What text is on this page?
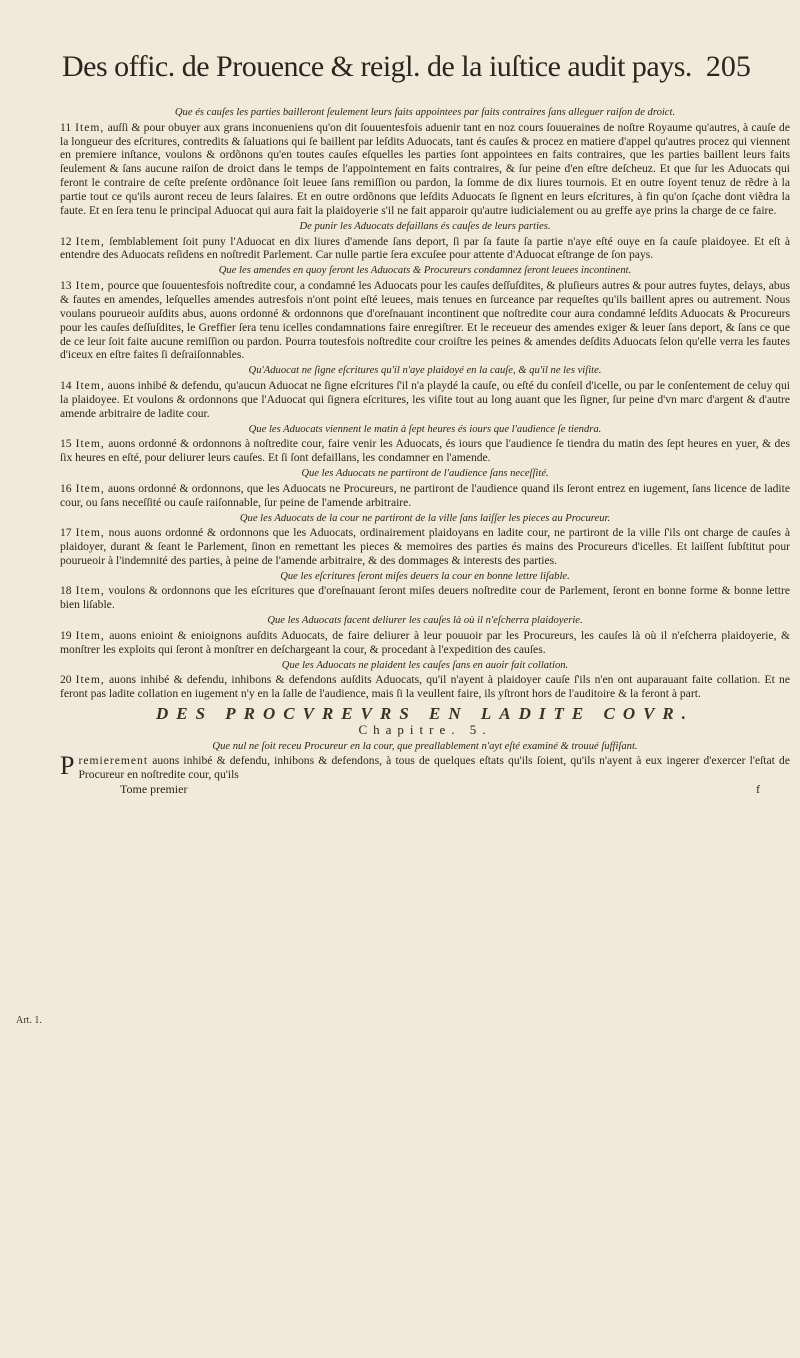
Des offic. de Prouence & reigl. de la iuſtice audit pays. 205
Art. 1.
Que és cauſes les parties bailleront ſeulement leurs faits appointees par faits contraires ſans alleguer raiſon de droict.

11 Item, auſſi & pour obuyer aux grans inconueniens qu'on dit ſouuentesfois aduenir tant en noz cours ſouueraines de noſtre Royaume qu'autres, à cauſe de la longueur des eſcritures, contredits & ſaluations qui ſe baillent par leſdits Aduocats, tant és cauſes & procez en matiere d'appel qu'autres procez qui viennent en premiere inſtance, voulons & ordõnons qu'en toutes cauſes eſquelles les parties ſont appointees en faits contraires, que les parties baillent leurs faits ſeulement & ſans aucune raiſon de droict dans le temps de l'appointement en faits contraires, & ſur peine d'en eſtre deſcheuz. Et que ſur les Aduocats qui feront le contraire de ceſte preſente ordõnance ſoit leuee ſans remiſſion ou pardon, la ſomme de dix liures tournois. Et en outre ſoyent tenuz de rẽdre à la partie tout ce qu'ils auront receu de leurs ſalaires. Et en outre ordõnons que leſdits Aduocats ſe ſignent en leurs eſcritures, à fin qu'on ſçache dont viẽdra la faute. Et en ſera tenu le principal Aduocat qui aura fait la plaidoyerie s'il ne fait apparoir qu'autre iudicialement ou au greffe aye prins la charge de ce faire.

De punir les Aduocats defaillans és cauſes de leurs parties.

12 Item, ſemblablement ſoit puny l'Aduocat en dix liures d'amende ſans deport, ſi par ſa faute ſa partie n'aye eſté ouye en ſa cauſe plaidoyee. Et eſt à entendre des Aduocats reſidens en noſtredit Parlement. Car nulle partie ſera excuſee pour attente d'Aduocat eſtrange de ſon pays.

Que les amendes en quoy ſeront les Aduocats & Procureurs condamnez ſeront leuees incontinent.

13 Item, pource que ſouuentesfois noſtredite cour, a condamné les Aduocats pour les cauſes deſſuſdites, & pluſieurs autres & pour autres fuytes, delays, abus & fautes en amendes, leſquelles amendes autresfois n'ont point eſté leuees, mais tenues en ſurceance par requeſtes qu'ils baillent apres ou autrement. Nous voulans pourueoir auſdits abus, auons ordonné & ordonnons que d'oreſnauant incontinent que noſtredite cour aura condamné leſdits Aduocats & Procureurs pour les cauſes deſſuſdites, le Greffier ſera tenu icelles condamnations faire enregiſtrer. Et le receueur des amendes exiger & leuer ſans deport, & ſans ce que de ce leur ſoit faite aucune remiſſion ou pardon. Pourra toutesfois noſtredite cour croiſtre les peines & amendes deſdits Aduocats ſelon qu'elle verra les fautes d'iceux en eſtre faites ſi deſraiſonnables.

Qu'Aduocat ne ſigne eſcritures qu'il n'aye plaidoyé en la cauſe, & qu'il ne les viſite.

14 Item, auons inhibé & defendu, qu'aucun Aduocat ne ſigne eſcritures ſ'il n'a playdé la cauſe, ou eſté du conſeil d'icelle, ou par le conſentement de celuy qui la plaidoyee. Et voulons & ordonnons que l'Aduocat qui ſignera eſcritures, les viſite tout au long auant que les ſigner, ſur peine d'vn marc d'argent & d'autre amende arbitraire de ladite cour.

Que les Aduocats viennent le matin à ſept heures és iours que l'audience ſe tiendra.

15 Item, auons ordonné & ordonnons à noſtredite cour, faire venir les Aduocats, és iours que l'audience ſe tiendra du matin des ſept heures en yuer, & des ſix heures en eſté, pour deliurer leurs cauſes. Et ſi ſont defaillans, les condamner en l'amende.

Que les Aduocats ne partiront de l'audience ſans neceſſité.

16 Item, auons ordonné & ordonnons, que les Aduocats ne Procureurs, ne partiront de l'audience quand ils ſeront entrez en iugement, ſans licence de ladite cour, ou ſans neceſſité ou cauſe raiſonnable, ſur peine de l'amende arbitraire.

Que les Aduocats de la cour ne partiront de la ville ſans laiſſer les pieces au Procureur.

17 Item, nous auons ordonné & ordonnons que les Aduocats, ordinairement plaidoyans en ladite cour, ne partiront de la ville ſ'ils ont charge de cauſes à plaidoyer, durant & ſeant le Parlement, ſinon en remettant les pieces & memoires des parties és mains des Procureurs d'icelles. Et laiſſent ſubſtitut pour pourueoir à l'indemnité des parties, à peine de l'amende arbitraire, & des dommages & interests des parties.

Que les eſcritures ſeront miſes deuers la cour en bonne lettre liſable.

18 Item, voulons & ordonnons que les eſcritures que d'oreſnauant ſeront miſes deuers noſtredite cour de Parlement, ſeront en bonne forme & bonne lettre bien liſable.

Que les Aduocats facent deliurer les cauſes là où il n'eſcherra plaidoyerie.

19 Item, auons enioint & enioignons auſdits Aduocats, de faire deliurer à leur pouuoir par les Procureurs, les cauſes là où il n'eſcherra plaidoyerie, & monſtrer les exploits qui ſeront à monſtrer en deſchargeant la cour, & procedant à l'expedition des cauſes.

Que les Aduocats ne plaident les cauſes ſans en auoir fait collation.

20 Item, auons inhibé & defendu, inhibons & defendons auſdits Aduocats, qu'il n'ayent à plaidoyer cauſe ſ'ils n'en ont auparauant faite collation. Et ne feront pas ladite collation en iugement n'y en la ſalle de l'audience, mais ſi la veullent faire, ils yſtront hors de l'auditoire & la feront à part.

DES PROCVREVRS EN LADITE COVR.
Chapitre. 5.
Que nul ne ſoit receu Procureur en la cour, que preallablement n'ayt eſté examiné & trouué ſuffiſant.

Premierement auons inhibé & defendu, inhibons & defendons, à tous de quelques eſtats qu'ils ſoient, qu'ils n'ayent à eux ingerer d'exercer l'eſtat de Procureur en noſtredite cour, qu'ils

Tome premier	f
